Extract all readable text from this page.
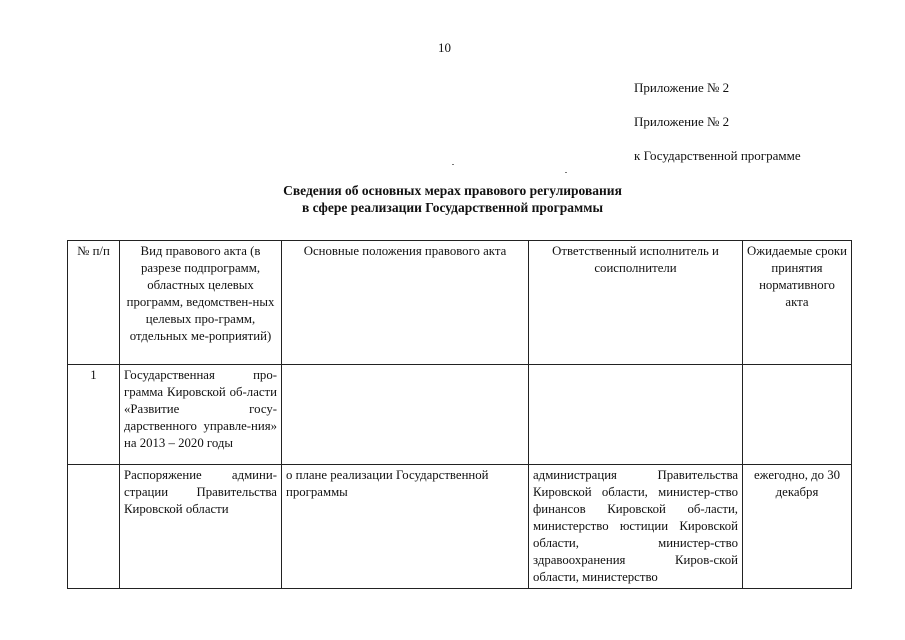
10
Приложение № 2
Приложение № 2
к Государственной программе
Сведения об основных мерах правового регулирования
в сфере реализации Государственной программы
№ п/п	Вид правового акта (в разрезе подпрограмм, областных целевых программ, ведомствен-ных целевых про-грамм, отдельных ме-роприятий)	Основные положения правового акта	Ответственный исполнитель и соисполнители	Ожидаемые сроки принятия нормативного акта
1	Государственная про-грамма Кировской об-ласти «Развитие госу-дарственного управле-ния» на 2013 – 2020 годы			
	Распоряжение админи-страции Правительства Кировской области	о плане реализации Государственной программы	администрация Правительства Кировской области, министер-ство финансов Кировской об-ласти, министерство юстиции Кировской области, министер-ство здравоохранения Киров-ской области, министерство	ежегодно, до 30 декабря
